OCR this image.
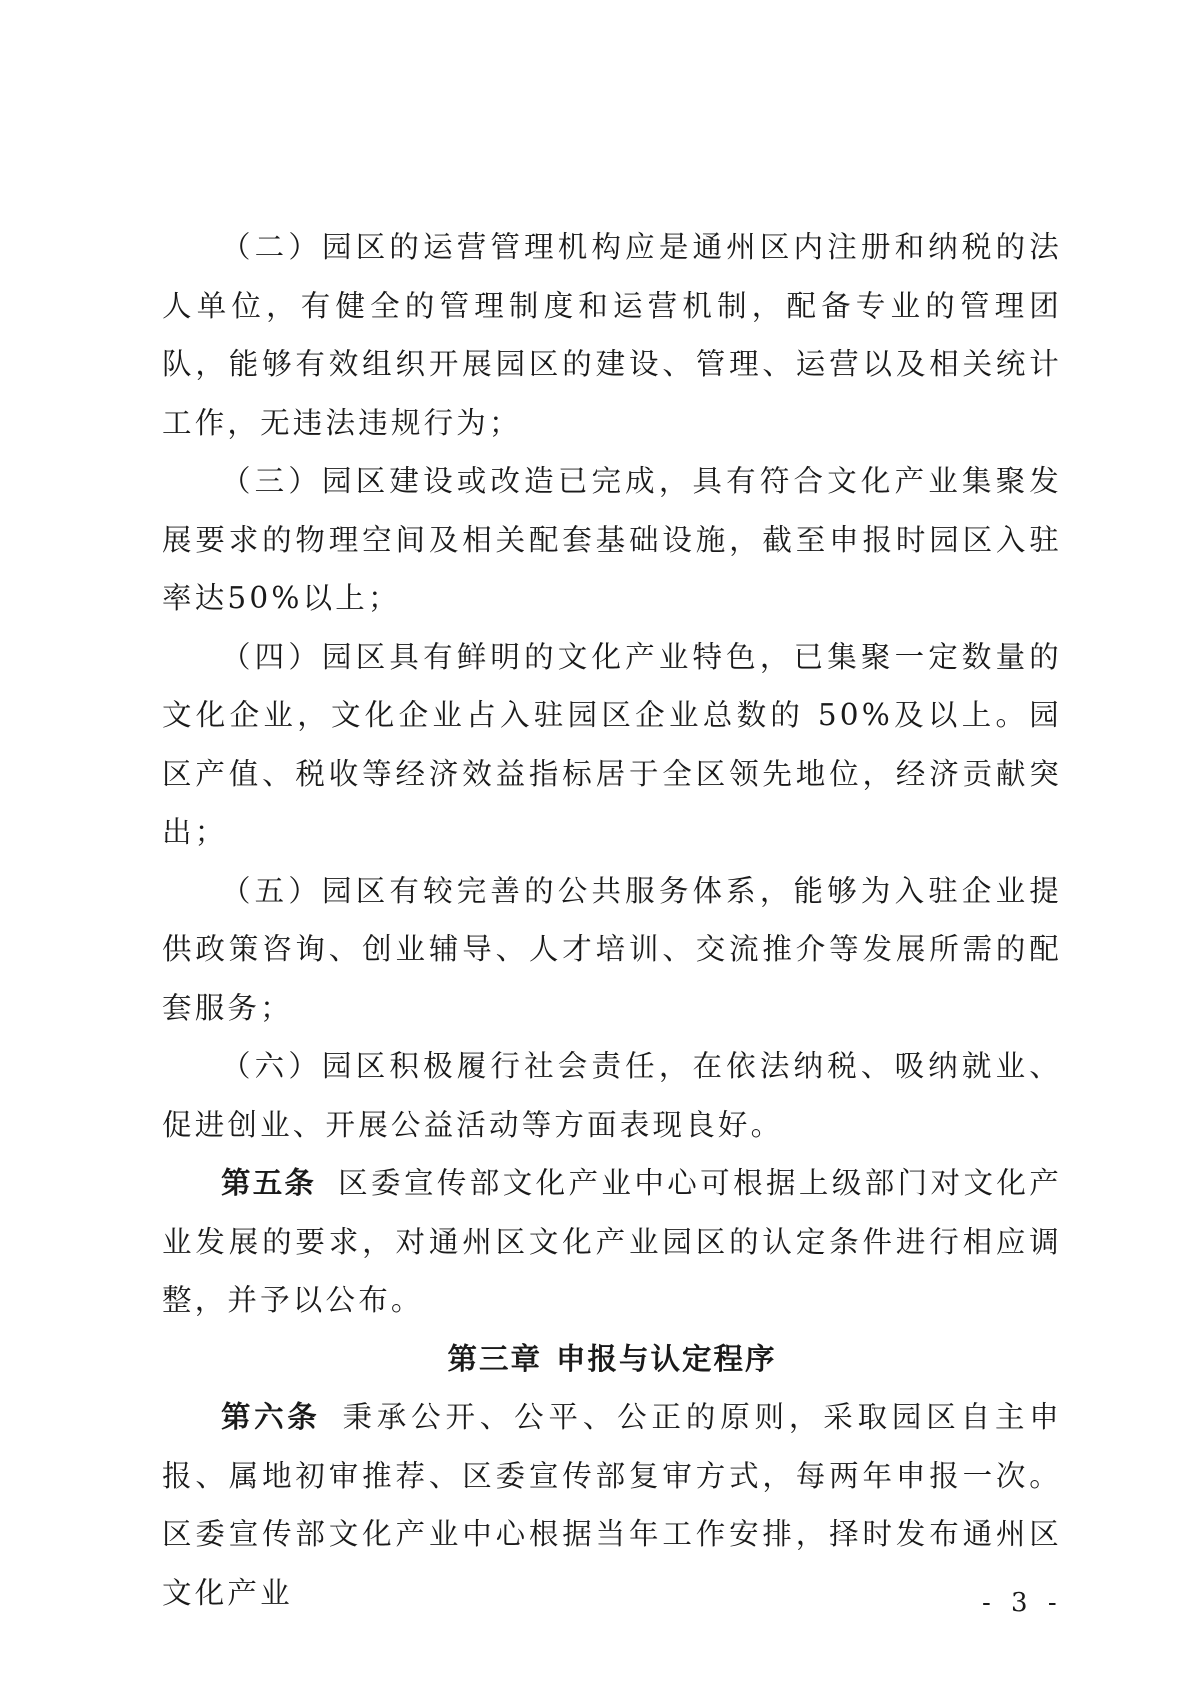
（二）园区的运营管理机构应是通州区内注册和纳税的法人单位，有健全的管理制度和运营机制，配备专业的管理团队，能够有效组织开展园区的建设、管理、运营以及相关统计工作，无违法违规行为；

（三）园区建设或改造已完成，具有符合文化产业集聚发展要求的物理空间及相关配套基础设施，截至申报时园区入驻率达50%以上；

（四）园区具有鲜明的文化产业特色，已集聚一定数量的文化企业，文化企业占入驻园区企业总数的 50%及以上。园区产值、税收等经济效益指标居于全区领先地位，经济贡献突出；

（五）园区有较完善的公共服务体系，能够为入驻企业提供政策咨询、创业辅导、人才培训、交流推介等发展所需的配套服务；

（六）园区积极履行社会责任，在依法纳税、吸纳就业、促进创业、开展公益活动等方面表现良好。

第五条 区委宣传部文化产业中心可根据上级部门对文化产业发展的要求，对通州区文化产业园区的认定条件进行相应调整，并予以公布。

第三章 申报与认定程序

第六条 秉承公开、公平、公正的原则，采取园区自主申报、属地初审推荐、区委宣传部复审方式，每两年申报一次。区委宣传部文化产业中心根据当年工作安排，择时发布通州区文化产业	- 3 -
